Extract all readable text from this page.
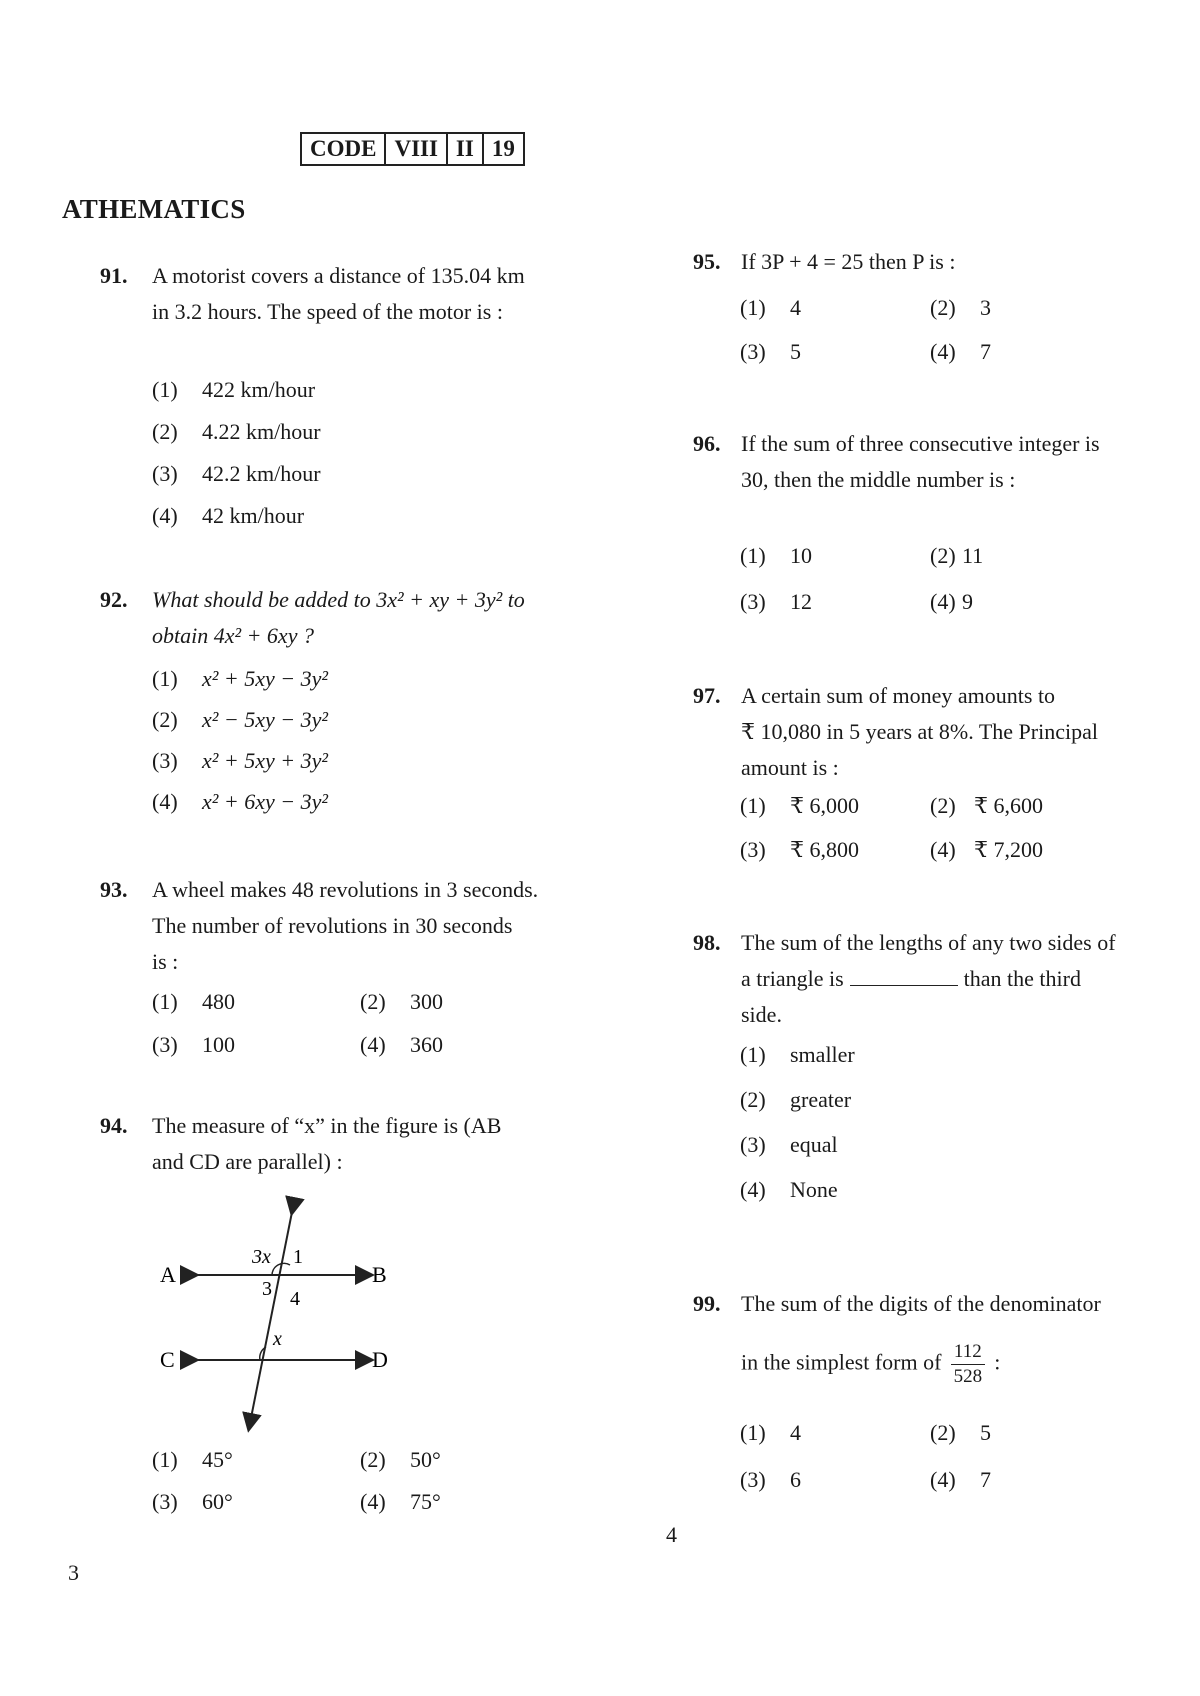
CODE VIII II 19
ATHEMATICS
91. A motorist covers a distance of 135.04 km
in 3.2 hours. The speed of the motor is :
(1) 422 km/hour
(2) 4.22 km/hour
(3) 42.2 km/hour
(4) 42 km/hour
92. What should be added to 3x² + xy + 3y² to
obtain 4x² + 6xy ?
(1) x² + 5xy − 3y²
(2) x² − 5xy − 3y²
(3) x² + 5xy + 3y²
(4) x² + 6xy − 3y²
93. A wheel makes 48 revolutions in 3 seconds.
The number of revolutions in 30 seconds
is :
(1) 480	(2) 300
(3) 100	(4) 360
94. The measure of “x” in the figure is (AB
and CD are parallel) :
A	B
C	D
3x 1
3 4
x
(1) 45°	(2) 50°
(3) 60°	(4) 75°
95. If 3P + 4 = 25 then P is :
(1) 4	(2) 3
(3) 5	(4) 7
96. If the sum of three consecutive integer is
30, then the middle number is :
(1) 10	(2) 11
(3) 12	(4) 9
97. A certain sum of money amounts to
₹ 10,080 in 5 years at 8%. The Principal
amount is :
(1) ₹ 6,000	(2) ₹ 6,600
(3) ₹ 6,800	(4) ₹ 7,200
98. The sum of the lengths of any two sides of
a triangle is	than the third
side.
(1) smaller
(2) greater
(3) equal
(4) None
99. The sum of the digits of the denominator
in the simplest form of $\frac{112}{528}$ :
(1) 4	(2) 5
(3) 6	(4) 7
3
4
